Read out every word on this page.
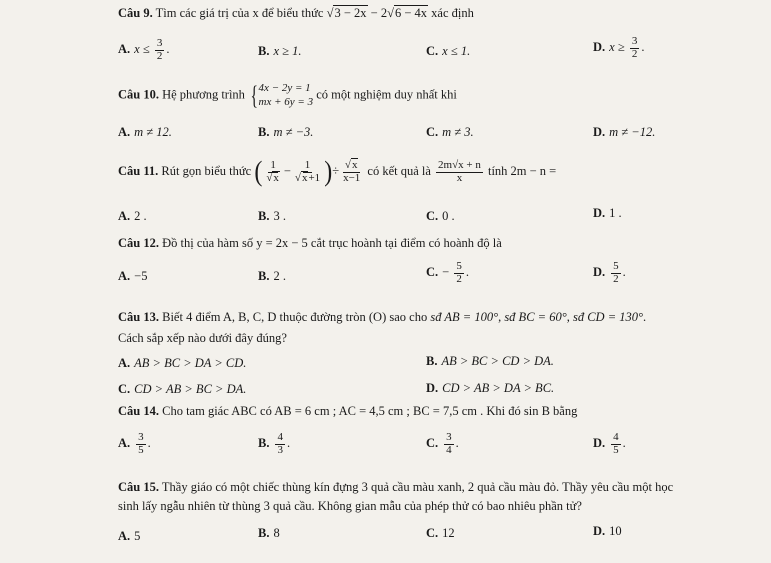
Câu 9. Tìm các giá trị của x để biểu thức √3 − 2x − 2√6 − 4x xác định
A. $x \le \frac{3}{2}$ .	B. x ≥ 1.	C. x ≤ 1.	D. $x \ge \frac{3}{2}$ .
Câu 10. Hệ phương trình { 4x − 2y = 1
mx + 6y = 3
có một nghiệm duy nhất khi
A. m ≠ 12.	B. m ≠ −3.	C. m ≠ 3.	D. m ≠ −12.
Câu 11. Rút gọn biểu thức ( $\frac{1}{√x} - \frac{1}{√x+1}$ )÷ $\frac{√x}{x-1}$ có kết quả là $\frac{2m√x + n}{x}$ tính 2m − n =
A. 2 .	B. 3 .	C. 0 .	D. 1 .
Câu 12. Đồ thị của hàm số y = 2x − 5 cắt trục hoành tại điểm có hoành độ là
A. −5	B. 2 .	C. − $\frac{5}{2}$ .	D. $\frac{5}{2}$ .
Câu 13. Biết 4 điểm A, B, C, D thuộc đường tròn (O) sao cho sđ AB = 100°, sđ BC = 60°, sđ CD = 130°.
Cách sắp xếp nào dưới đây đúng?
A. AB > BC > DA > CD.	B. AB > BC > CD > DA.
C. CD > AB > BC > DA.	D. CD > AB > DA > BC.
Câu 14. Cho tam giác ABC có AB = 6 cm ; AC = 4,5 cm ; BC = 7,5 cm . Khi đó sin B bằng
A. $\frac{3}{5}$ .	B. $\frac{4}{3}$ .	C. $\frac{3}{4}$ .	D. $\frac{4}{5}$ .
Câu 15. Thầy giáo có một chiếc thùng kín đựng 3 quả cầu màu xanh, 2 quả cầu màu đỏ. Thầy yêu cầu một học
sinh lấy ngẫu nhiên từ thùng 3 quả cầu. Không gian mẫu của phép thử có bao nhiêu phần tử?
A. 5	B. 8	C. 12	D. 10
